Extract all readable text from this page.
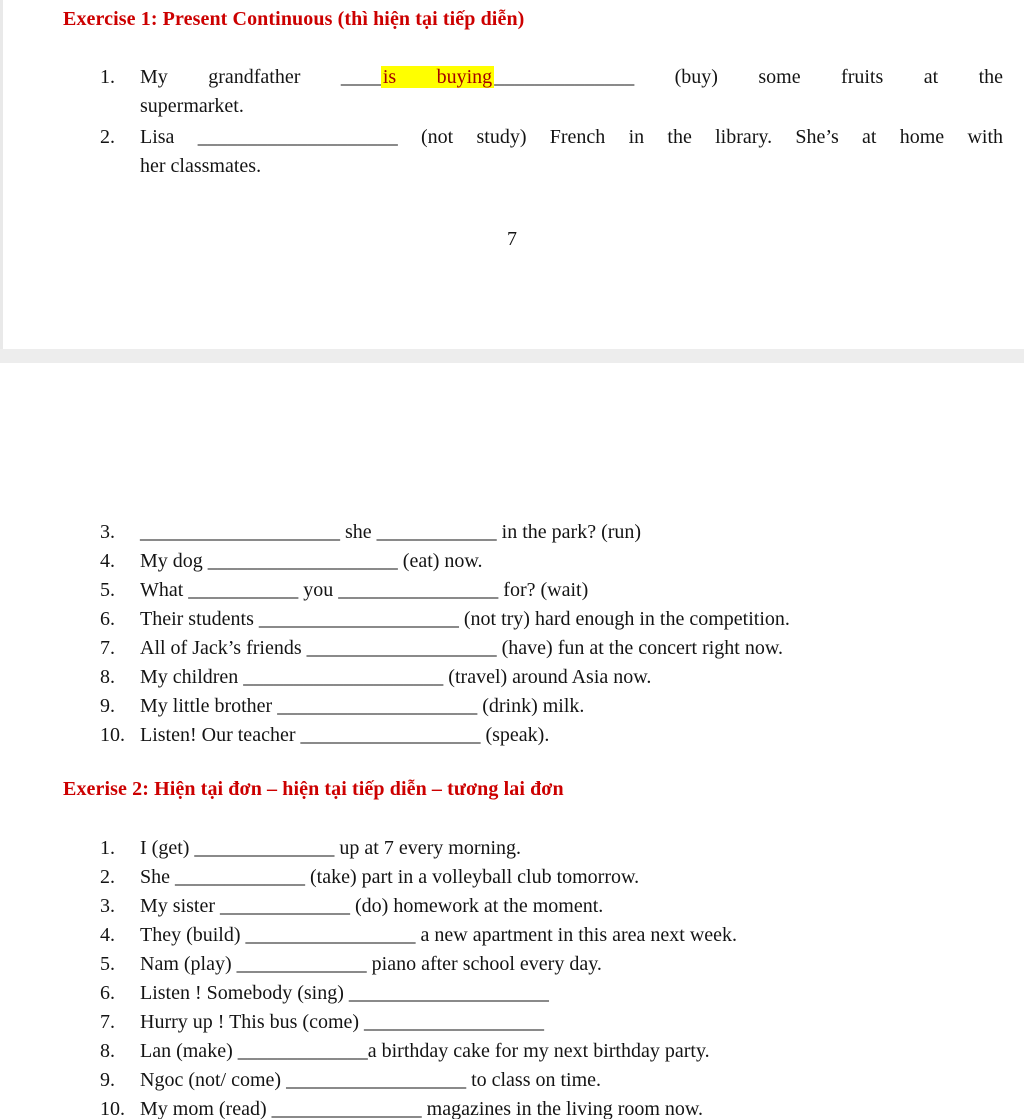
Exercise 1: Present Continuous (thì hiện tại tiếp diễn)
1.	My grandfather ____ is buying ______________ (buy) some fruits at the
supermarket.
2.	Lisa ____________________ (not study) French in the library. She’s at home with
her classmates.
7
3.	____________________ she ____________ in the park? (run)
4.	My dog ___________________ (eat) now.
5.	What ___________ you ________________ for? (wait)
6.	Their students ____________________ (not try) hard enough in the competition.
7.	All of Jack’s friends ___________________ (have) fun at the concert right now.
8.	My children ____________________ (travel) around Asia now.
9.	My little brother ____________________ (drink) milk.
10. Listen! Our teacher __________________ (speak).
Exerise 2: Hiện tại đơn – hiện tại tiếp diễn – tương lai đơn
1.	I (get) ______________ up at 7 every morning.
2.	She _____________ (take) part in a volleyball club tomorrow.
3.	My sister _____________ (do) homework at the moment.
4.	They (build) _________________ a new apartment in this area next week.
5.	Nam (play) _____________ piano after school every day.
6.	Listen ! Somebody (sing) ____________________
7.	Hurry up ! This bus (come) __________________
8.	Lan (make) _____________a birthday cake for my next birthday party.
9.	Ngoc (not/ come) __________________ to class on time.
10. My mom (read) _______________ magazines in the living room now.
